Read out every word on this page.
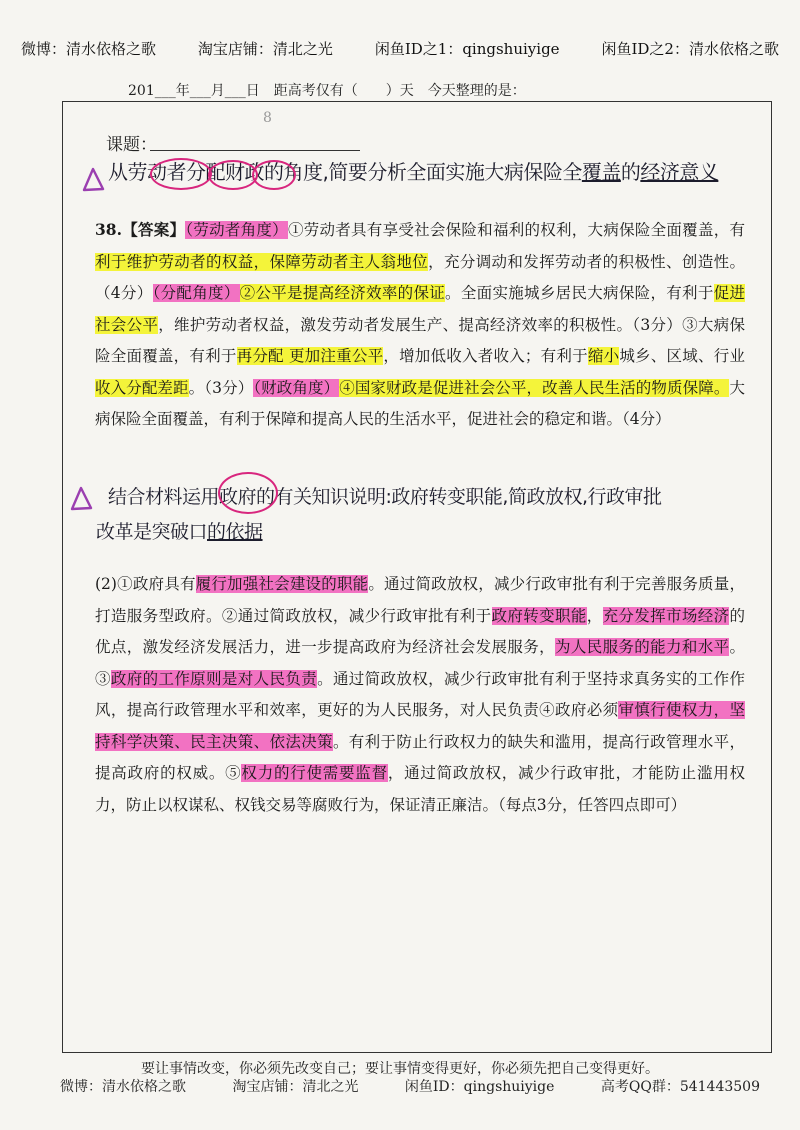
微博：清水依格之歌	淘宝店铺：清北之光	闲鱼ID之1：qingshuiyige	闲鱼ID之2：清水依格之歌
201___年___月___日　距高考仅有（　　）天　今天整理的是：
8
课题：
从劳动者分配财政的角度,简要分析全面实施大病保险全覆盖的经济意义
38.【答案】（劳动者角度）①劳动者具有享受社会保险和福利的权利，大病保险全面覆盖，有利于维护劳动者的权益，保障劳动者主人翁地位，充分调动和发挥劳动者的积极性、创造性。（4分）（分配角度）②公平是提高经济效率的保证。全面实施城乡居民大病保险，有利于促进社会公平，维护劳动者权益，激发劳动者发展生产、提高经济效率的积极性。（3分）③大病保险全面覆盖，有利于再分配 更加注重公平，增加低收入者收入；有利于缩小城乡、区域、行业收入分配差距。（3分）（财政角度）④国家财政是促进社会公平，改善人民生活的物质保障。大病保险全面覆盖，有利于保障和提高人民的生活水平，促进社会的稳定和谐。（4分）
结合材料运用政府的有关知识说明:政府转变职能,简政放权,行政审批
改革是突破口的依据
(2)①政府具有履行加强社会建设的职能。通过简政放权，减少行政审批有利于完善服务质量，打造服务型政府。②通过简政放权，减少行政审批有利于政府转变职能，充分发挥市场经济的优点，激发经济发展活力，进一步提高政府为经济社会发展服务，为人民服务的能力和水平。③政府的工作原则是对人民负责。通过简政放权，减少行政审批有利于坚持求真务实的工作作风，提高行政管理水平和效率，更好的为人民服务，对人民负责④政府必须审慎行使权力，坚持科学决策、民主决策、依法决策。有利于防止行政权力的缺失和滥用，提高行政管理水平，提高政府的权威。⑤权力的行使需要监督，通过简政放权，减少行政审批，才能防止滥用权力，防止以权谋私、权钱交易等腐败行为，保证清正廉洁。（每点3分，任答四点即可）
要让事情改变，你必须先改变自己；要让事情变得更好，你必须先把自己变得更好。
微博：清水依格之歌	淘宝店铺：清北之光	闲鱼ID：qingshuiyige	高考QQ群：541443509
